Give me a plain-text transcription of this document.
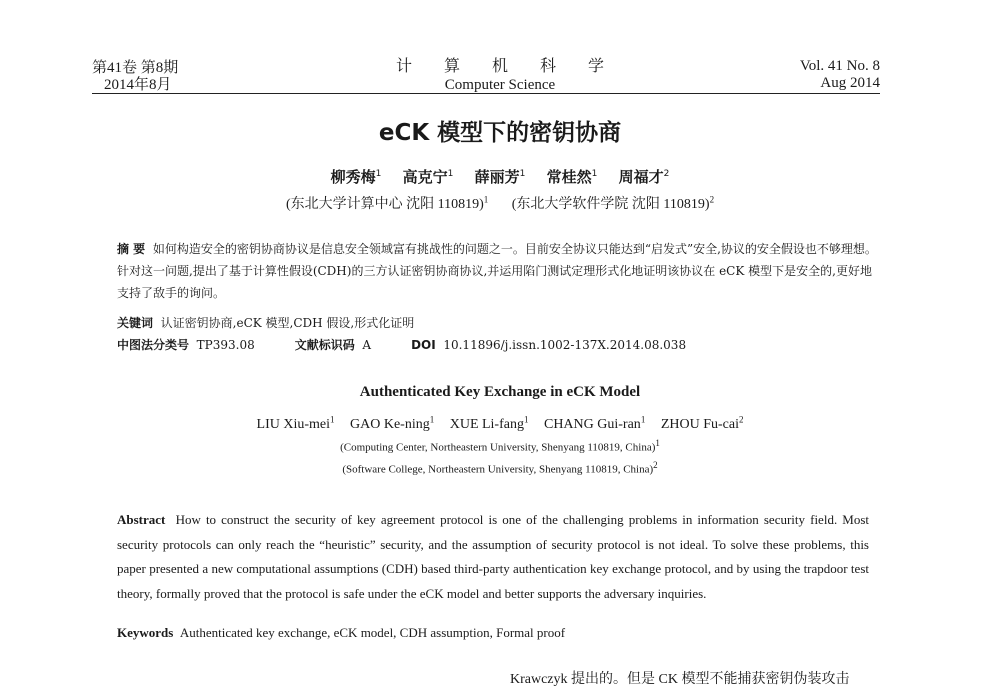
第41卷 第8期
2014年8月
计 算 机 科 学
Computer Science
Vol. 41 No. 8
Aug 2014
eCK 模型下的密钥协商
柳秀梅$^1$ 高克宁$^1$ 薛丽芳$^1$ 常桂然$^1$ 周福才$^2$
(东北大学计算中心 沈阳 110819)$^1$ (东北大学软件学院 沈阳 110819)$^2$
摘 要 如何构造安全的密钥协商协议是信息安全领域富有挑战性的问题之一。目前安全协议只能达到“启发式”安全,协议的安全假设也不够理想。针对这一问题,提出了基于计算性假设(CDH)的三方认证密钥协商协议,并运用陷门测试定理形式化地证明该协议在 eCK 模型下是安全的,更好地支持了敌手的询问。
关键词 认证密钥协商,eCK 模型,CDH 假设,形式化证明
中图法分类号 TP393.08	文献标识码 A	DOI 10.11896/j.issn.1002-137X.2014.08.038
Authenticated Key Exchange in eCK Model
LIU Xiu-mei$^1$ GAO Ke-ning$^1$ XUE Li-fang$^1$ CHANG Gui-ran$^1$ ZHOU Fu-cai$^2$
(Computing Center, Northeastern University, Shenyang 110819, China)$^1$
(Software College, Northeastern University, Shenyang 110819, China)$^2$
Abstract How to construct the security of key agreement protocol is one of the challenging problems in information security field. Most security protocols can only reach the “heuristic” security, and the assumption of security protocol is not ideal. To solve these problems, this paper presented a new computational assumptions (CDH) based third-party authentication key exchange protocol, and by using the trapdoor test theory, formally proved that the protocol is safe under the eCK model and better supports the adversary inquiries.
Keywords Authenticated key exchange, eCK model, CDH assumption, Formal proof
Krawczyk 提出的。但是 CK 模型不能捕获密钥伪装攻击
